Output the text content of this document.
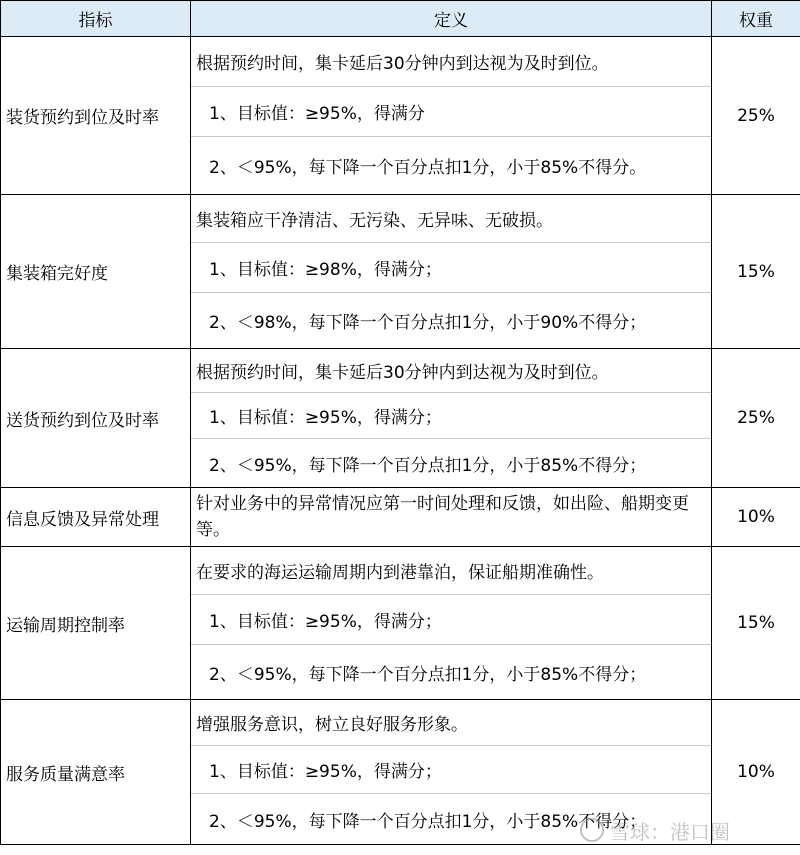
指标	定义	权重
装货预约到位及时率	根据预约时间，集卡延后30分钟内到达视为及时到位。
1、目标值：≥95%，得满分
2、＜95%，每下降一个百分点扣1分，小于85%不得分。	25%
集装箱完好度	集装箱应干净清洁、无污染、无异味、无破损。
1、目标值：≥98%，得满分；
2、＜98%，每下降一个百分点扣1分，小于90%不得分；	15%
送货预约到位及时率	根据预约时间，集卡延后30分钟内到达视为及时到位。
1、目标值：≥95%，得满分；
2、＜95%，每下降一个百分点扣1分，小于85%不得分；	25%
信息反馈及异常处理	针对业务中的异常情况应第一时间处理和反馈，如出险、船期变更等。	10%
运输周期控制率	在要求的海运运输周期内到港靠泊，保证船期准确性。
1、目标值：≥95%，得满分；
2、＜95%，每下降一个百分点扣1分，小于85%不得分；	15%
服务质量满意率	增强服务意识，树立良好服务形象。
1、目标值：≥95%，得满分；
2、＜95%，每下降一个百分点扣1分，小于85%不得分；	10%
雪球：港口圈
